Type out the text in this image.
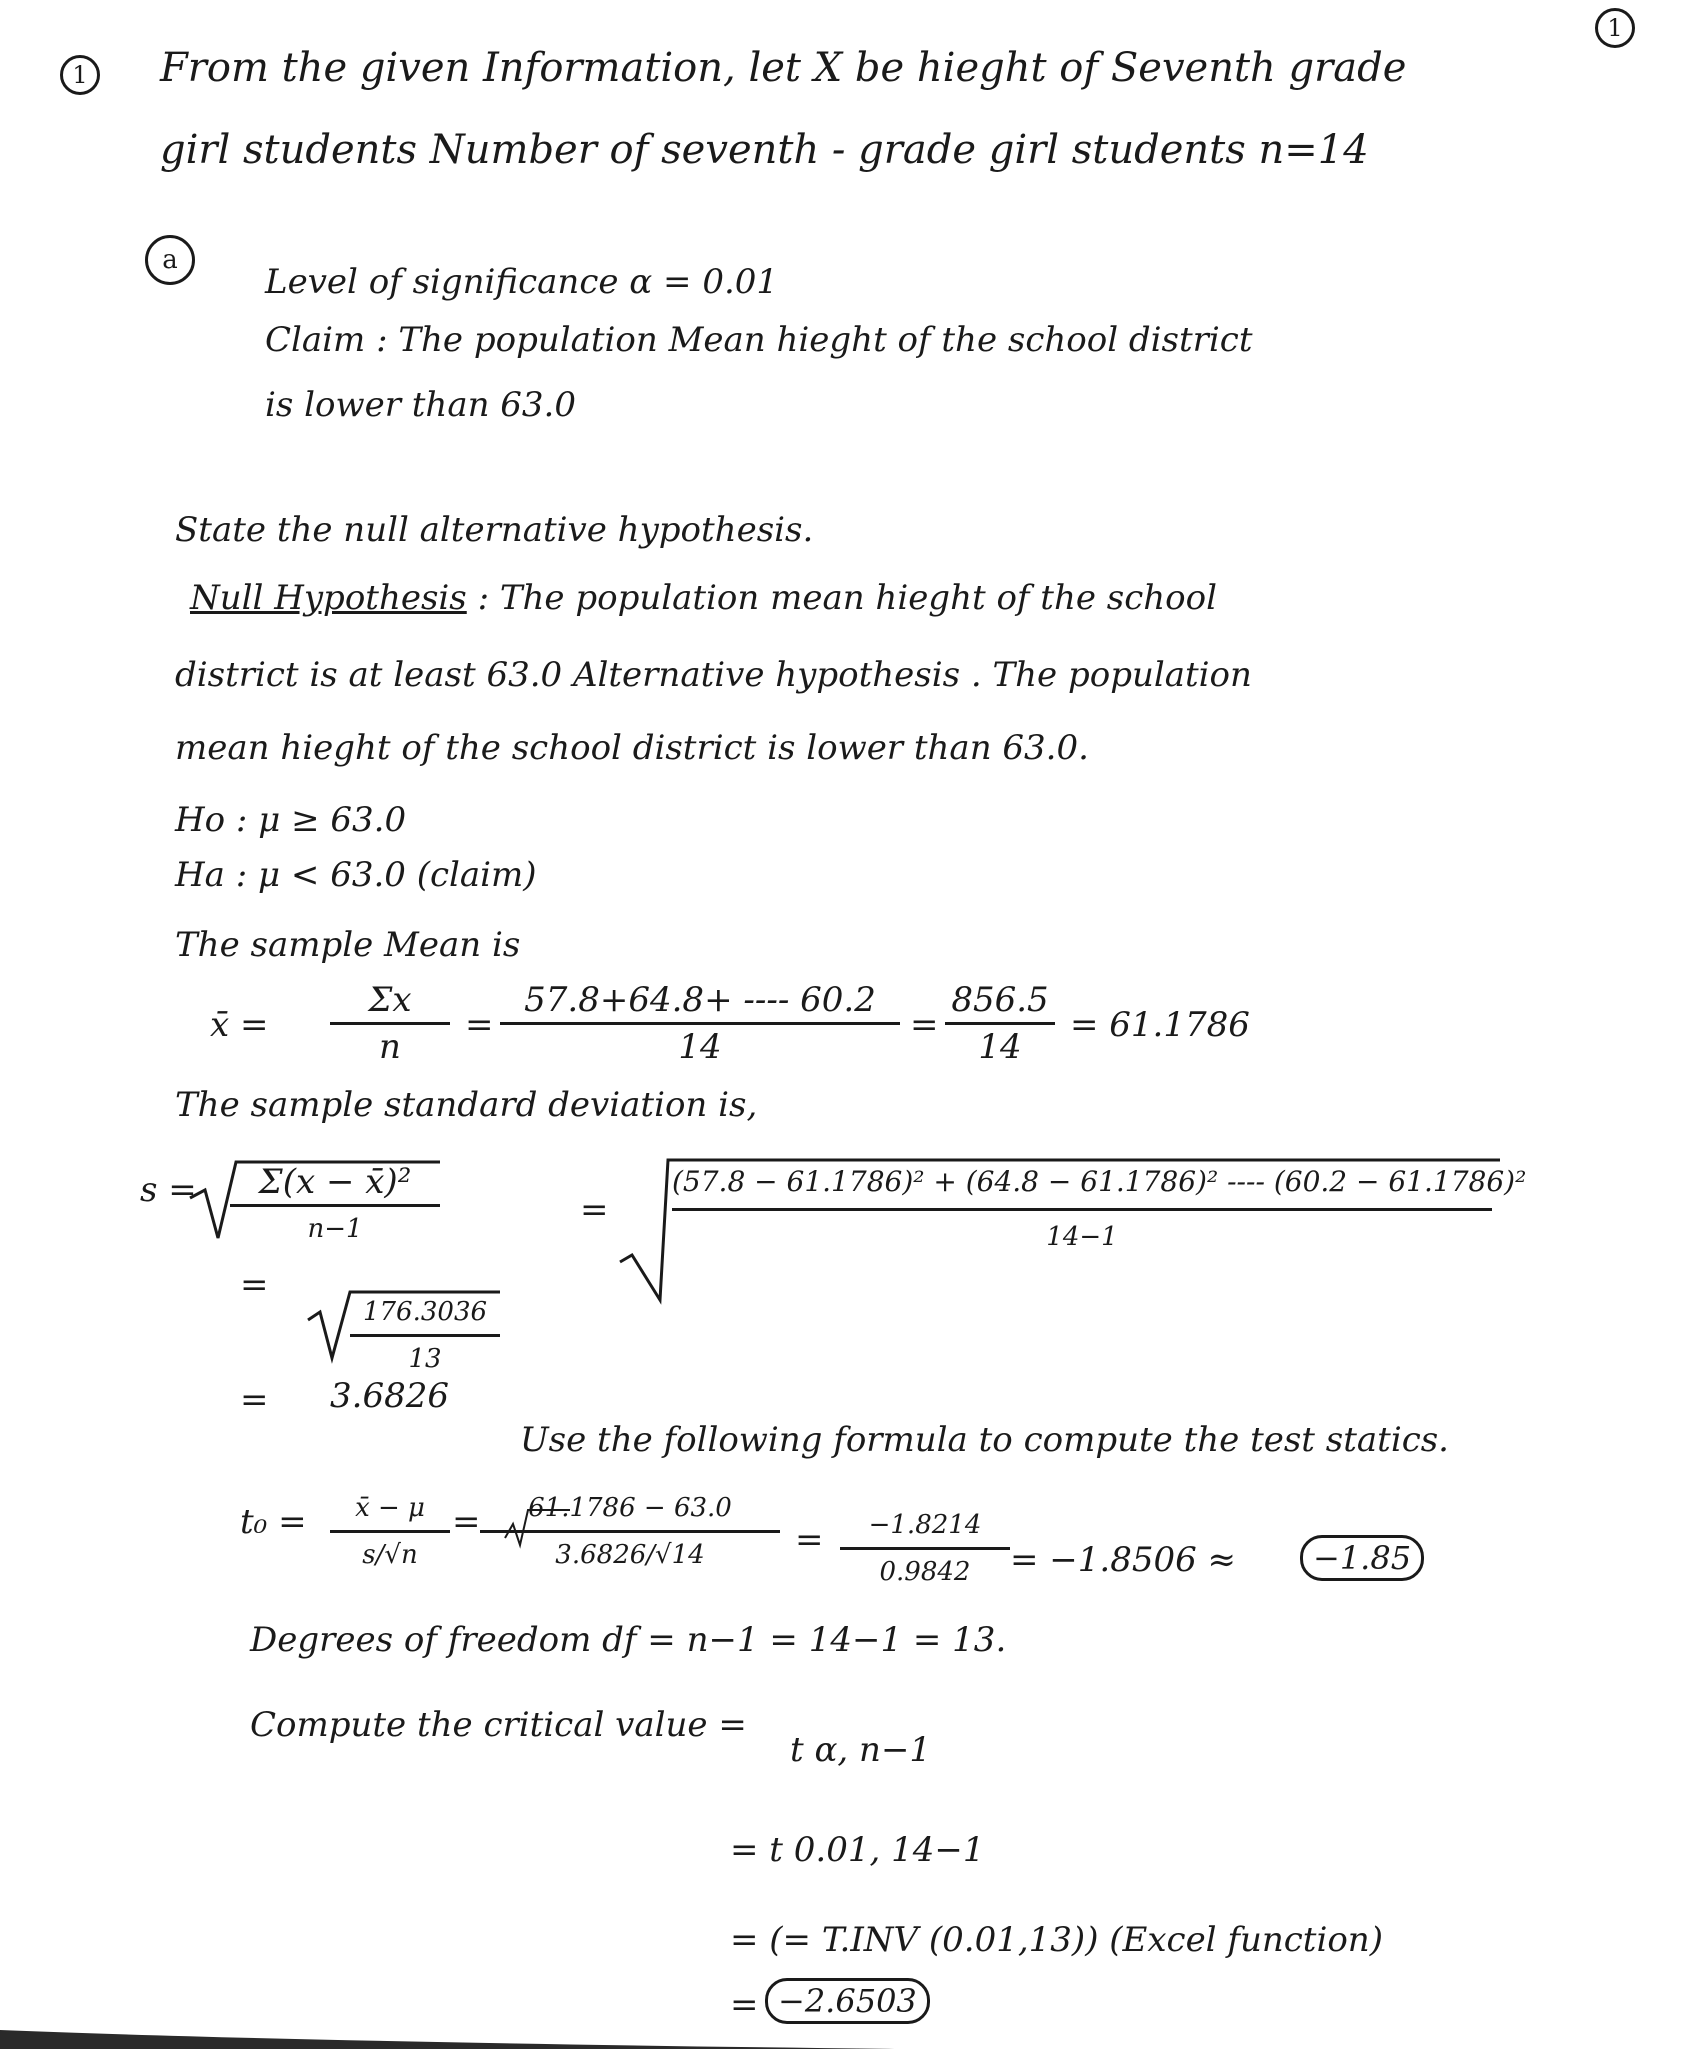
1
1 From the given Information, let X be hieght of Seventh grade
girl students Number of seventh - grade girl students n=14
a
Level of significance α = 0.01
Claim : The population Mean hieght of the school district
is lower than 63.0
State the null alternative hypothesis.
Null Hypothesis : The population mean hieght of the school
district is at least 63.0 Alternative hypothesis . The population
mean hieght of the school district is lower than 63.0.
Ho : μ ≥ 63.0
Ha : μ < 63.0 (claim)
The sample Mean is
x̄ =
Σx
n
=
57.8+64.8+ ---- 60.2
14
=
856.5
14
= 61.1786
The sample standard deviation is,
s =	Σ(x − x̄)²
n−1	=
(57.8 − 61.1786)² + (64.8 − 61.1786)² ---- (60.2 − 61.1786)²
14−1
=
176.3036
13
= 3.6826
Use the following formula to compute the test statics.
t₀ =	x̄ − μ
s/√n
=	61.1786 − 63.0
3.6826/√14	=	−1.8214
0.9842	= −1.8506 ≈	−1.85
Degrees of freedom df = n−1 = 14−1 = 13.
Compute the critical value =
t α, n−1
= t 0.01, 14−1
= (= T.INV (0.01,13)) (Excel function)
= −2.6503
